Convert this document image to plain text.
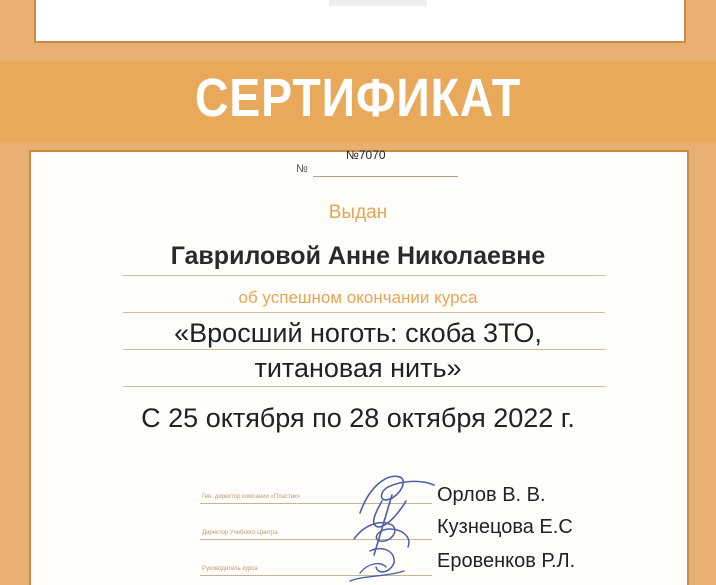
СЕРТИФИКАТ
№7070
№
Выдан
Гавриловой Анне Николаевне
об успешном окончании курса
«Вросший ноготь: скоба 3ТО,
титановая нить»
С 25 октября по 28 октября 2022 г.
Ген. директор компании «Пластик»	Орлов В. В.
Директор Учебного Центра	Кузнецова Е.С
Руководитель курса	Еровенков Р.Л.
